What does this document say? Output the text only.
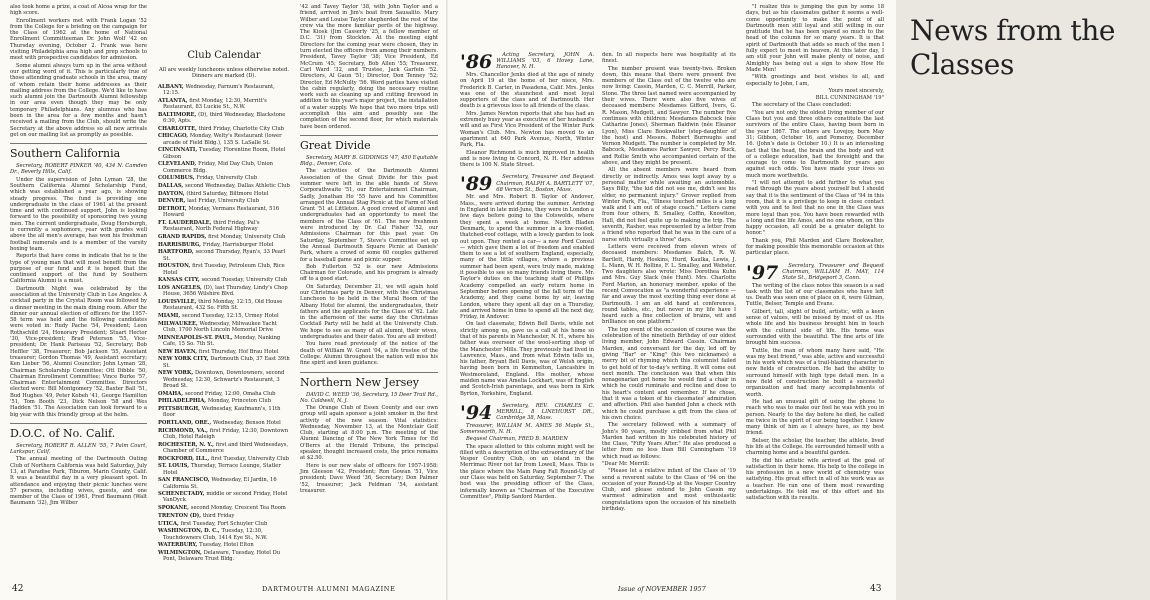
also took home a prize, a coat of Alcoa wrap for the high score.

Enrollment workers met with Frank Logan '52 from the College for a briefing on the campaign for the Class of 1962 at the home of National Enrollment Committeeman Dr. John Wolf '42 on Thursday evening, October 2. Frank was here visiting Philadelphia area high and prep schools to meet with prospective candidates for admission.

Some alumni always turn up in the area without our getting word of it. This is particularly true of those attending graduate schools in the area, many of whom retain their home addresses as their mailing address from the College. We'd like to have such alumni join the Dartmouth Alumni fellowship in our area even though they may be only temporary Philadelphians. Any alumnus who has been in the area for a few months and hasn't received a mailing from the Club, should write the Secretary at the above address so all new arrivals get on our mailing list as promptly as possible.

Southern California

Secretary, ROBERT PINKER '40, 434 N. Camden Dr., Beverly Hills, Calif.

Under the supervision of John Lyman '28, the Southern California Alumni Scholarship Fund, which was established a year ago, is showing steady progress. The fund is providing one undergraduate in the class of 1961 at the present time and with continued support, John is looking forward to the possibility of sponsoring two young men. The current undergraduate, Doug Horsburgh, is currently a sophomore, year with grades well above the all men's average, has won his freshman football numerals and is a member of the varsity boxing team.

Reports that have come in indicate that he is the type of young man that will most benefit from the purpose of our fund and it is hoped that the continued support of the fund by Southern California Alumni is a must.

Dartmouth Night was celebrated by the association at the University Club in Los Angeles. A cocktail party in the Crystal Room was followed by a dinner meeting in the main dining room. After the dinner our annual election of officers for the 1957-58 term was held and the following candidates were voted in: Rudy Pache '54, President; Leon Rothschild '24, Honorary President; Stuart Hector '30, Vice-president; Brad Peterson '55, Vice-president; Dr. Hank Pariseau '52, Secretary; Bob Heffler '38, Treasurer; Bob Jackson '55, Assistant treasurer; Gordon Thomas '49, Assistant secretary; Ken Lieber '56, Alumni Councilor; John Lyman '28, Chairman Scholarship Committee; Ott Dibble '50, Chairman Enrollment Committee; Vince Burke '57, Chairman Entertainment Committee. Directors elected were: Bill Montgomery '52, Baxter Ball '51, Bud Hughes '49, Peter Kobeh '41, George Hamilton '51, Tom Booth '23, Dick Nelson '58 and Wes Hadden '51. The Association can look forward to a big year with this friendly group at the helm.

D.O.C. of No. Calif.

Secretary, ROBERT R. ALLEN '55, 7 Palm Court, Larkspur, Calif.

The annual meeting of the Dartmouth Outing Club of Northern California was held Saturday, July 13, at Paradise Park, Tiburon, Marin County, Calif. It was a beautiful day in a very pleasant spot. In attendance and enjoying their picnic lunches were 57 persons, including wives, guests, and one member of the Class of 1961, Fred Baumann (Walt Baumann '32), Jim Wilber

Club Calendar
All are weekly luncheons unless otherwise noted. Dinners are marked (D).
ALBANY, Wednesday, Farnum's Restaurant, 12:15.
ATLANTA, first Monday, 12:30, Merritt's Restaurant, 83 Luckie St., N.W.
BALTIMORE, (D), third Wednesday, Blackstone 6:30, Apts.
CHARLOTTE, third Friday, Charlotte City Club
CHICAGO, Monday, Welty's Restaurant (lower arcade of Field Bldg.), 135 S. LaSalle St.
CINCINNATI, Tuesday, Florentine Room, Hotel Gibson
CLEVELAND, Friday, Mid Day Club, Union Commerce Bldg.
COLUMBUS, Friday, University Club
DALLAS, second Wednesday, Dallas Athletic Club
DAYTON, (third Saturday, Biltmore Hotel
DENVER, last Friday, University Club
DETROIT, Monday, Vermans Restaurant, 516 Howard
FT. LAUDERDALE, third Friday, Pal's Restaurant, North Federal Highway
GRAND RAPIDS, first Monday, University Club
HARRISBURG, Friday, Harrisburger Hotel
HARTFORD, second Thursday, Ryan's, 33 Pearl St.
HOUSTON, first Tuesday, Petroleum Club, Rice Hotel
KANSAS CITY, second Tuesday, University Club
LOS ANGELES, (D), last Thursday, Lindy's Chop House, 3656 Wilshire Blvd.
LOUISVILLE, third Monday, 12:15, Old House Restaurant, 432 So. Fifth St.
MIAMI, second Tuesday, 12:15, Urmey Hotel
MILWAUKEE, Wednesday, Milwaukee Yacht Club, 1700 North Lincoln Memorial Drive
MINNEAPOLIS-ST. PAUL, Monday, Nanking Cafe, 15 So. 7th St.
NEW HAVEN, first Thursday, Hof Brau Hotel
NEW YORK CITY, Dartmouth Club, 37 East 39th St.
NEW YORK, Downtown, Downtowners, second Wednesday, 12:30, Schwartz's Restaurant, 3 Broad St.
OMAHA, second Friday, 12:00, Omaha Club
PHILADELPHIA, Monday, Princeton Club
PITTSBURGH, Wednesday, Kaufmann's, 11th floor
PORTLAND, ORE., Wednesday, Benson Hotel
RICHMOND, VA., first Friday, 12:30, Downtown Club, Hotel Raleigh
ROCHESTER, N. Y., first and third Wednesdays, Chamber of Commerce
ROCKFORD, ILL., first Tuesday, University Club
ST. LOUIS, Thursday, Terrace Lounge, Statler Hotel
SAN FRANCISCO, Wednesday, El Jardin, 16 California St.
SCHENECTADY, middle or second Friday, Hotel VanDyck
SPOKANE, second Monday, Crescent Tea Room
TRENTON (D), third Friday
UTICA, first Tuesday, Fort Schuyler Club
WASHINGTON, D. C., Tuesday, 12:30, Touchdowners Club, 1414 Eye St., N.W.
WATERBURY, Tuesday, Hotel Elton
WILMINGTON, Delaware, Tuesday, Hotel Du Pont, Delaware Trust Bldg.

'42 and Tavey Taylor '38, with John Taylor and a friend, arrived in Jim's boat from Sausalito. Mary Wilber and Louise Taylor shepherded the rest of the crew via the more familiar perils of the highway. The Kiosk (Jim Casserly '25, a fellow member of D.C. '31) from Stockton. At the meeting eight Directors for the coming year were chosen, they in turn elected the officers from among their numbers. President, Tavey Taylor '38; Vice President, Ed McCrum '45; Secretary, Bob Allen '55; Treasurer, Carl Ward '32, and Trustee, Jack Garfein '52. Directors, Al Gaun '51; Director, Don Tenney '52; Director, Ed McNulty '56. Word parties have visited the cabin regularly, doing the necessary routine work such as cleaning up and cutting firewood in addition to this year's major project, the installation of a water supply. We hope that two more trips will accomplish this aim and possibly see the completion of the second floor, for which materials have been ordered.

Great Divide

Secretary, MARY B. GIDDINGS '47, 450 Equitable Bldg., Denver, Colo.

The activities of the Dartmouth Alumni Association of the Great Divide for this past summer were left in the able hands of Steve Corporathwaite '51, our Entertainment Chairman, Sadly, Jonathan Ho '55 have and his Committee arranged the Annual Stag Picnic at the Farm of Ned Grant '51 at Littleton. A good crowd of alumni and undergraduates had an opportunity to meet the members of the Class of '61. The new freshmen were introduced by Dr. Cal Fisher '52, our Admissions Chairman for this past year. On Saturday, September 7, Steve's Committee set up the Annual Dartmouth Square Picnic at Daniels' Park, where a crowd of some 60 couples gathered for a baseball game and picnic supper.

Bob Fullerton '52 is our new Admissions Chairman for Colorado, and his program is already off to a good start.

On Saturday, December 21, we will again hold our Christmas party in Denver, with the Christmas Luncheon to be held in the Mural Room of the Albany Hotel for alumni, the undergraduates, their fathers and the applicants for the Class of '62. Late in the afternoon of the same day the Christmas Cocktail Party will be held at the University Club. We hope to see as many of all alumni, their wives, undergraduates and their dates. You are all invited!

You have read previously of the notice of the death of William W. Grant '04, a life trustee of the College. Alumni throughout the nation will miss his fine spirit and keen guidance.

Northern New Jersey

DAVID C. WEED '36, Secretary, 15 Deer Trail Rd., No. Caldwell, N. J.

The Orange Club of Essex County and our own group will again sponsor a joint smoker in the first activity of the new season. Vital statistics: Wednesday, November 13, at the Montclair Golf Club, starting at 8:00 p.m. The meeting of the Alumni Dancing of The New York Times for Ed O'Berrs at the Herald Tribune, the principal speaker, thought increased costs, the price remains at $2.50.

Here is our new slate of officers for 1957-1958: Jim Gleeson '42, President; Ron Gowan '51, Vice president; Dave Weed '36, Secretary; Don Palmer '52, treasurer; Jack Feldman '54, assistant treasurer.

42	DARTMOUTH ALUMNI MAGAZINE
'86	Acting Secretary, JOHN A. WILLIAMS '03, 6 Hovey Lane, Hanover, N. H.

Mrs. Chancellor Jenks died at the age of ninety on April 19 at the home of her niece, Mrs. Frederick B. Carter, in Pasadena, Calif. Mrs. Jenks was one of the staunchest and most loyal supporters of the class and of Dartmouth. Her death is a grievous loss to all friends of the class.

Mrs. James Newton reports that she has had an extremely busy year as executive of her husband's will and as First Vice President of the Winter Park Woman's Club. Mrs. Newton has moved to an apartment at 640 Park Avenue, North, Winter Park, Fla.

Eleanor Richmond is much improved in health and is now living in Concord, N. H. Her address there is 100 N. State Street.

'89	Secretary, Treasurer and Bequest Chairman, RALPH A. BARTLETT '07, 68 Vernon St., Boston, Mass.

Mr. and Mrs. Robert B. Taylor of Andover, Mass., were arrived during the summer. Arriving in England in late mid-June, they were in London a few days before going to the Cotswolds, where they spent a week at home. North Bladen Denmark, to spend the summer in a low-roofed, thatched-roof cottage, with a lovely garden to look out upon. They rented a car— a new Ford Consul — which gave them a lot of freedom and enabled them to see a lot of southern England, especially, many of the little villages, where a previous summer had been spent, were truly made, making it possible to see so many friends living there. Mr. Taylor's duties on the teaching staff of Phillips Academy compelled an early return home in September before opening of the fall term of the Academy, and they came home by air, leaving London, where they spent all day on a Thursday, and arrived home in time to spend all the next day, Friday, in Andover.

On last classmate, Edwin Bell Davis, while not strictly among us, gave us a call at his home so that of his parents in Manchester, N. H., where his father was overseer of the wool-sorting shop of the Manchester Mills. They previously had lived in Lawrence, Mass., and from what Edwin tells us, his father, Bryant Bell Davis, was of Welsh origin, having been born in Kemmelton, Lancashire in Westmoreland, England. His mother, whose maiden name was Amelia Lockhart, was of English and Scotch-Irish parentage, and was born in Kirk Byrton, Yorkshire, England.

'94	Secretary, REV. CHARLES C. MERRILL, 8 LINEHURST DR., Cambridge 38, Mass.

Treasurer, WILLIAM M. AMES 56 Maple St., Somersworth, N. H.

Bequest Chairman, FRED B. MARDEN

The space allotted to this column might well be filled with a description of the extraordinary of the Vesper Country Club, on an island in the Merrimac River not far from Lowell, Mass. This is the place where the Main Pang Fall Round-Up of our Class was held on Saturday, September 7. The host was the presiding officer of the Class, informally known as "Chairman of the Executive Committee", Philip Sanford Marden.

News from the Classes

den. In all respects here was hospitality at its finest.

The number present was twenty-two. Broken down, this means that there were present five members of the Class out of the twelve who are now living: Cassin, Marden, C. C. Merrill, Parker, Stone. The three last named were accompanied by their wives. There were also five wives of deceased members: Mesdames Gifford, Ivers, G. R. Mason, Mudgett, and Sawyer. The number five continues with children: Mesdames Babcock (née Catharine Jones), Sherman Baldwin (née Eleanor Lyon), Miss Clare Bookwalter (step-daughter of the host) and Messrs. Robert Burroughs and Vernon Mudgett. The number is completed by Mr. Babcock, Mesdames Parker Sawyer, Percy Buck, and Rollie Smith who accompanied certain of the above, and they might be present.

All the absent members were heard from directly or indirectly. Amos was kept away by a personal matter while awaiting an automobile. Says Billy, "the kid did not see me, didn't see his elder, no permanent injury." Grover replied from Winter Park, Fla., "Illness touched miles is a long walk and I am out of stage coach." Letters came from four others, B. Smalley, Coffin, Knowlton, Hall, did not feel quite up to making the trip. The seventh, Rasher, was represented by a letter from a friend who reported that he was in the care of a nurse with virtually a three" days.

Letters were received from eleven wives of deceased members: Mesdames Balch, R. W. Bartlett, Hardy, Hoskins, Hurd, Kaulka, Lewis, J. L. Mann, W. H. Rollins, F. L. Smalley, and Webster. Two daughters also wrote: Miss Dorothea Kuhn and Mrs. Guy Slack (née Hunt). Mrs. Charlotte Ford Marion, an honorary member, spoke of the recent Convocation as "a wonderful experience — far and away the most exciting thing ever done at Dartmouth. I am an old hand at conferences, round tables, etc., but never in my life have I heard such a fine collection of brains, wit and brilliance on one platform."

The top event of the occasion of course was the celebration of the ninetieth Birthday of our oldest living member, John Edward Cassin. Chairman Marden, and conversant for the day, led off by giving "Bar" or "King" (his two nicknames) a merry bit of rhyming which this columnist failed to get hold of for to-day's writing. It will come out next month. The conclusion was that when this nonagenarian got home he would find a chair in which he could ruminate and recline and dose to his heart's content and remember. If he chose, that it was a token of his classmates' admiration and affection. Phil also handed John a check with which he could purchase a gift from the class of his own choice.

The secretary followed with a summary of John's 90 years, mostly cribbed from what Phil Marden had written in his celebrated history of the Class, "Fifty Years After." He also produced a letter from no less than Bill Cunningham '19 which read as follows:

"Dear Mr. Merrill:

"Please let a relative infant of the Class of '19 send a reverent salute to the Class of '94 on the occasion of your Round-Up at the Vesper Country Club, and please extend to John Cassin my warmest admiration and most enthusiastic congratulations upon the occasion of his ninetieth birthday.

"I realize this is jumping the gun by some 18 days, but as his classmates gather it seems a well-come opportunity to make the point of all Dartmouth men still loyal and still willing in our gratitude that he has been spared so much to the head of the column for so many years. It is that spirit of Dartmouth that adds so much of the men I fully expect to meet in heaven. At this later day, I am still your John will make plenty of noise, and Almighty has being out a sign to show How He Made Men!

"With greetings and best wishes to all, and especially to John, I am,

Yours most sincerely,

BILL CUNNINGHAM '19"

The secretary of the Class concluded:

"You are not only the oldest living member of our Class but you and three others constitute the last survivors of the entire Class, having been born in the year 1867. The others are Lovejoy, born May 31; Gibbon, October 16, and Pomeroy, December 16. (John's date is October 10.) It is an interesting fact that the head, the brain and the body and wit of a college education, had the foresight and the courage to come to Dartmouth for years ago against such odds. You have made your lives so much more worthwhile.

"I will not attempt to add further to what you read through the years about yourself but I should say that it is the sentiment of the Class of '94 in this room, that it is a privilege to keep in close contact with you and to feel that no one in the Class was more loyal than you. You have been rewarded with a long and fine life Amos, and no one whom, on this happy occasion, all could be a greater delight to honor."

Thank you, Phil Marden and Clare Bookwalter, for making possible this memorable occasion at this particular place.

'97	Secretary, Treasurer and Bequest Chairman, WILLIAM H. MAY, 114 State St., Bridgeport 3, Conn.

The writing of the class notes this season is a sad task with the list of our classmates who have left us. Death was seen one of place on it, were Gilman, Tuttle, Belser, Temple and Evans.

Gilbert, tall, slight of build, artistic, with a keen sense of values, will be missed by most of us. His whole life and his business brought him in touch with the cultural side of life. His home was surrounded with the beautiful. The fine arts of life brought him success.

Tuttle, the man of whom many have said, "He was my best friend," was able, active and successful in his work which was of a trail-blazing character in new fields of construction. He had the ability to surround himself with high type detail men. In a new field of construction he built a successful organization and had many accomplishments of worth.

He had an unusual gift of using the phone to reach who was to make our feel he was with you in person. Nearly to the day before he died, he called me twice in the spirit of our being together. I knew many think of him as I always have, as my best friend.

Belser, the scholar, the teacher, the athlete, lived his life at the College. He surrounded himself with a charming home and a beautiful garden.

He did his artistic wife arrived at the goal of satisfaction in their home. His help to the college in his profession in a new world of chemistry was satisfying. His great effect in all of his work was as a teacher. He ran one of them most rewarding undertakings. He told me of this effort and his satisfaction with its results.

Issue of NOVEMBER 1957	43
